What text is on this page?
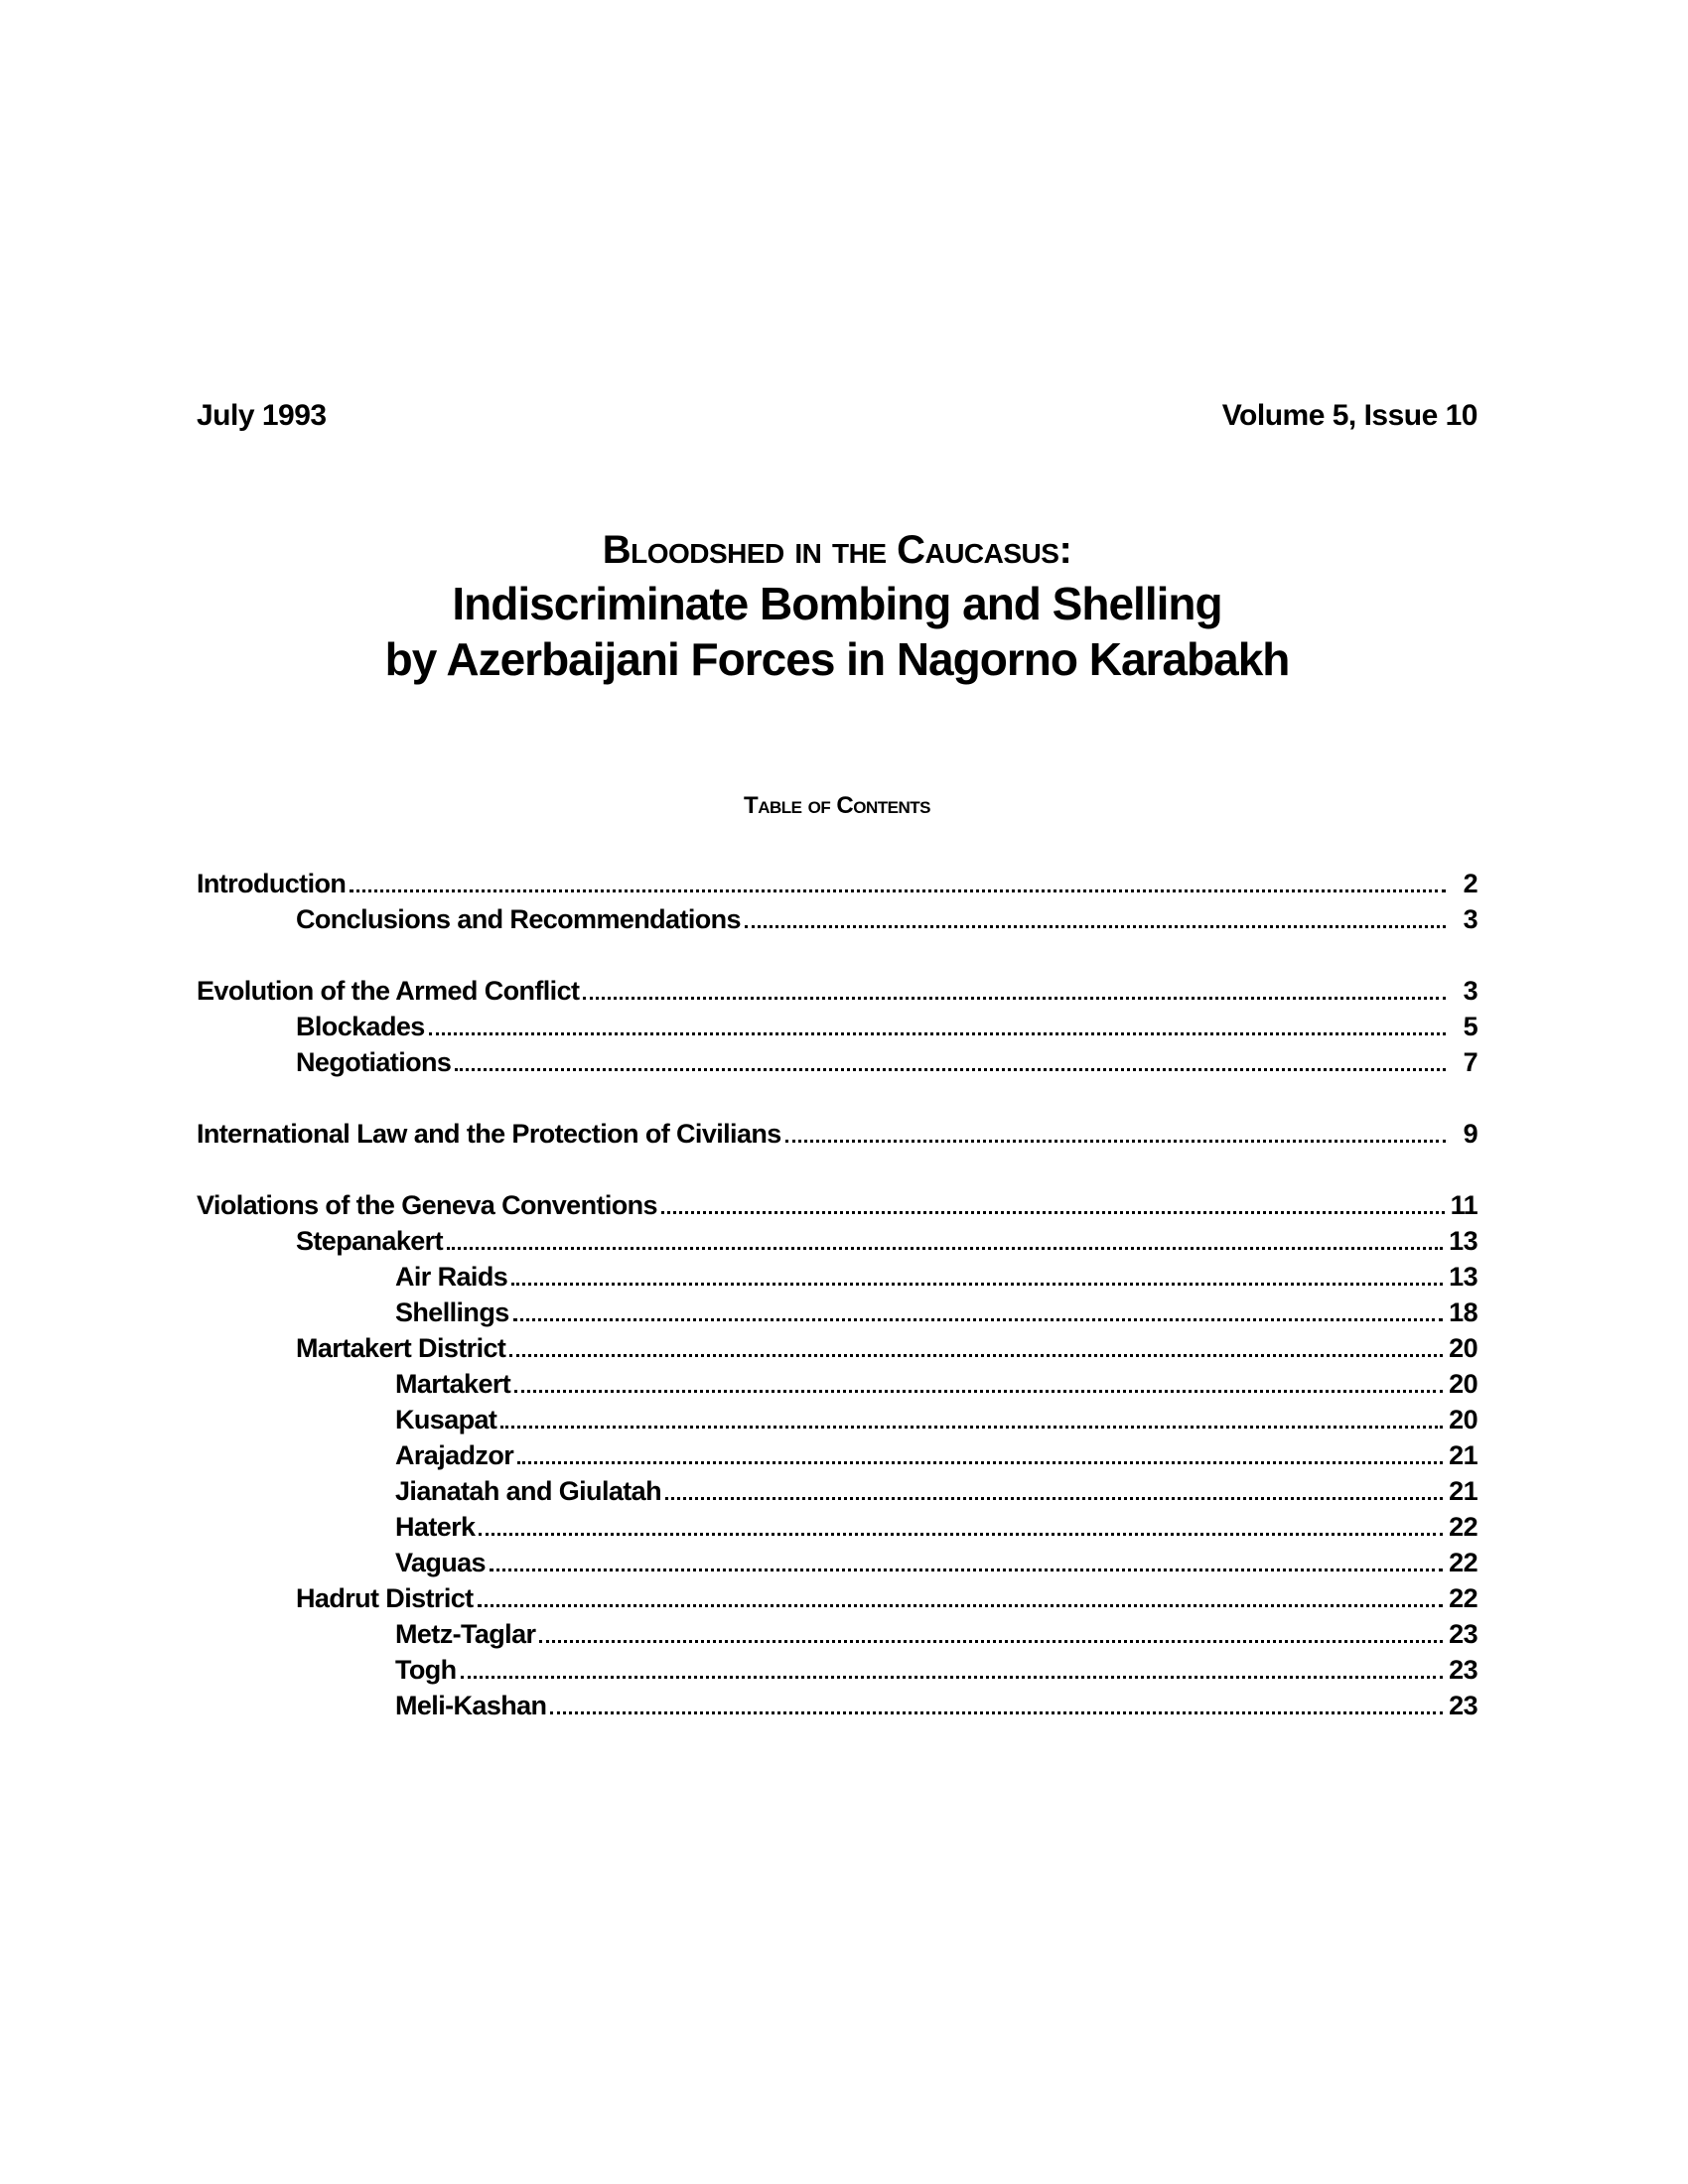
July 1993	Volume 5, Issue 10
Bloodshed in the Caucasus:
Indiscriminate Bombing and Shelling
by Azerbaijani Forces in Nagorno Karabakh
Table of Contents
Introduction	2
Conclusions and Recommendations	3
Evolution of the Armed Conflict	3
Blockades	5
Negotiations	7
International Law and the Protection of Civilians	9
Violations of the Geneva Conventions	11
Stepanakert	13
Air Raids	13
Shellings	18
Martakert District	20
Martakert	20
Kusapat	20
Arajadzor	21
Jianatah and Giulatah	21
Haterk	22
Vaguas	22
Hadrut District	22
Metz-Taglar	23
Togh	23
Meli-Kashan	23
